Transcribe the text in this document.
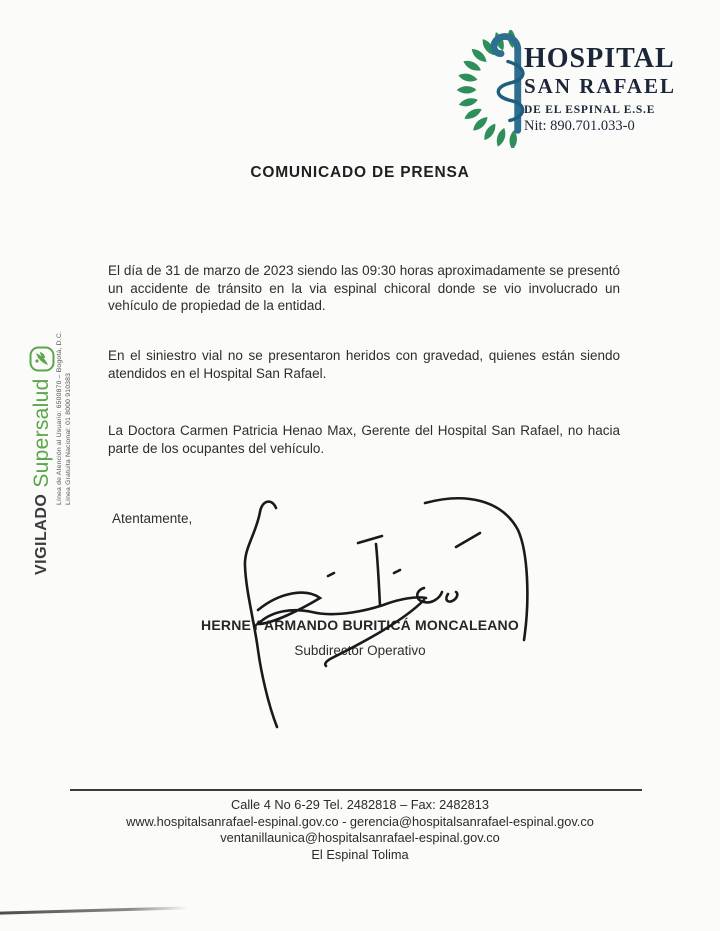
HOSPITAL
SAN RAFAEL
DE EL ESPINAL E.S.E
Nit: 890.701.033-0
COMUNICADO DE PRENSA
El día de 31 de marzo de 2023 siendo las 09:30 horas aproximadamente se presentó un accidente de tránsito en la via espinal chicoral donde se vio involucrado un vehículo de propiedad de la entidad.
En el siniestro vial no se presentaron heridos con gravedad, quienes están siendo atendidos en el Hospital San Rafael.
La Doctora Carmen Patricia Henao Max, Gerente del Hospital San Rafael, no hacia parte de los ocupantes del vehículo.
Atentamente,
HERNEY ARMANDO BURITICÁ MONCALEANO
Subdirector Operativo
VIGILADO
Supersalud Línea de Atención al Usuario: 6500870 – Bogotá, D.C. Línea Gratuita Nacional: 01 8000 910383
Calle 4 No 6-29 Tel. 2482818 – Fax: 2482813
www.hospitalsanrafael-espinal.gov.co - gerencia@hospitalsanrafael-espinal.gov.co
ventanillaunica@hospitalsanrafael-espinal.gov.co
El Espinal Tolima
